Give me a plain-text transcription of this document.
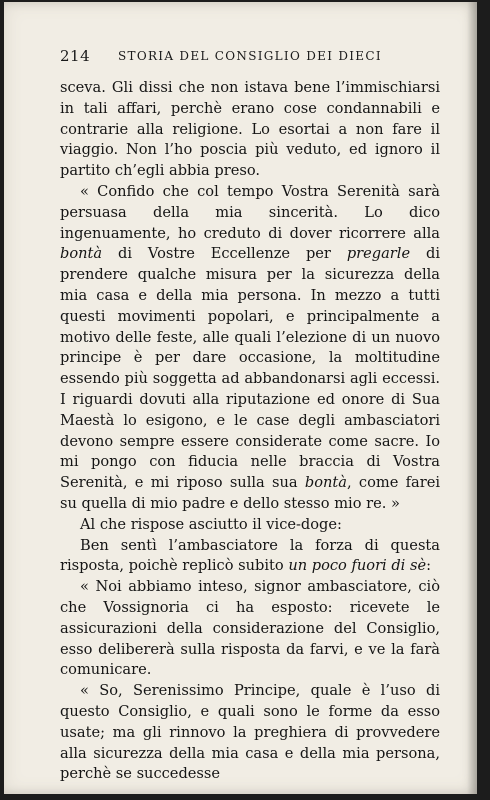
214 STORIA DEL CONSIGLIO DEI DIECI

sceva. Gli dissi che non istava bene l’immischiarsi in tali affari, perchè erano cose condannabili e contrarie alla religione. Lo esortai a non fare il viaggio. Non l’ho poscia più veduto, ed ignoro il partito ch’egli abbia preso.

« Confido che col tempo Vostra Serenità sarà persuasa della mia sincerità. Lo dico ingenuamente, ho creduto di dover ricorrere alla bontà di Vostre Eccellenze per pregarle di prendere qualche misura per la sicurezza della mia casa e della mia persona. In mezzo a tutti questi movimenti popolari, e principalmente a motivo delle feste, alle quali l’elezione di un nuovo principe è per dare occasione, la moltitudine essendo più soggetta ad abbandonarsi agli eccessi. I riguardi dovuti alla riputazione ed onore di Sua Maestà lo esigono, e le case degli ambasciatori devono sempre essere considerate come sacre. Io mi pongo con fiducia nelle braccia di Vostra Serenità, e mi riposo sulla sua bontà, come farei su quella di mio padre e dello stesso mio re. »

Al che rispose asciutto il vice-doge:

Ben sentì l’ambasciatore la forza di questa risposta, poichè replicò subito un poco fuori di sè:

« Noi abbiamo inteso, signor ambasciatore, ciò che Vossignoria ci ha esposto: ricevete le assicurazioni della considerazione del Consiglio, esso delibererà sulla risposta da farvi, e ve la farà comunicare.

« So, Serenissimo Principe, quale è l’uso di questo Consiglio, e quali sono le forme da esso usate; ma gli rinnovo la preghiera di provvedere alla sicurezza della mia casa e della mia persona, perchè se succedesse
